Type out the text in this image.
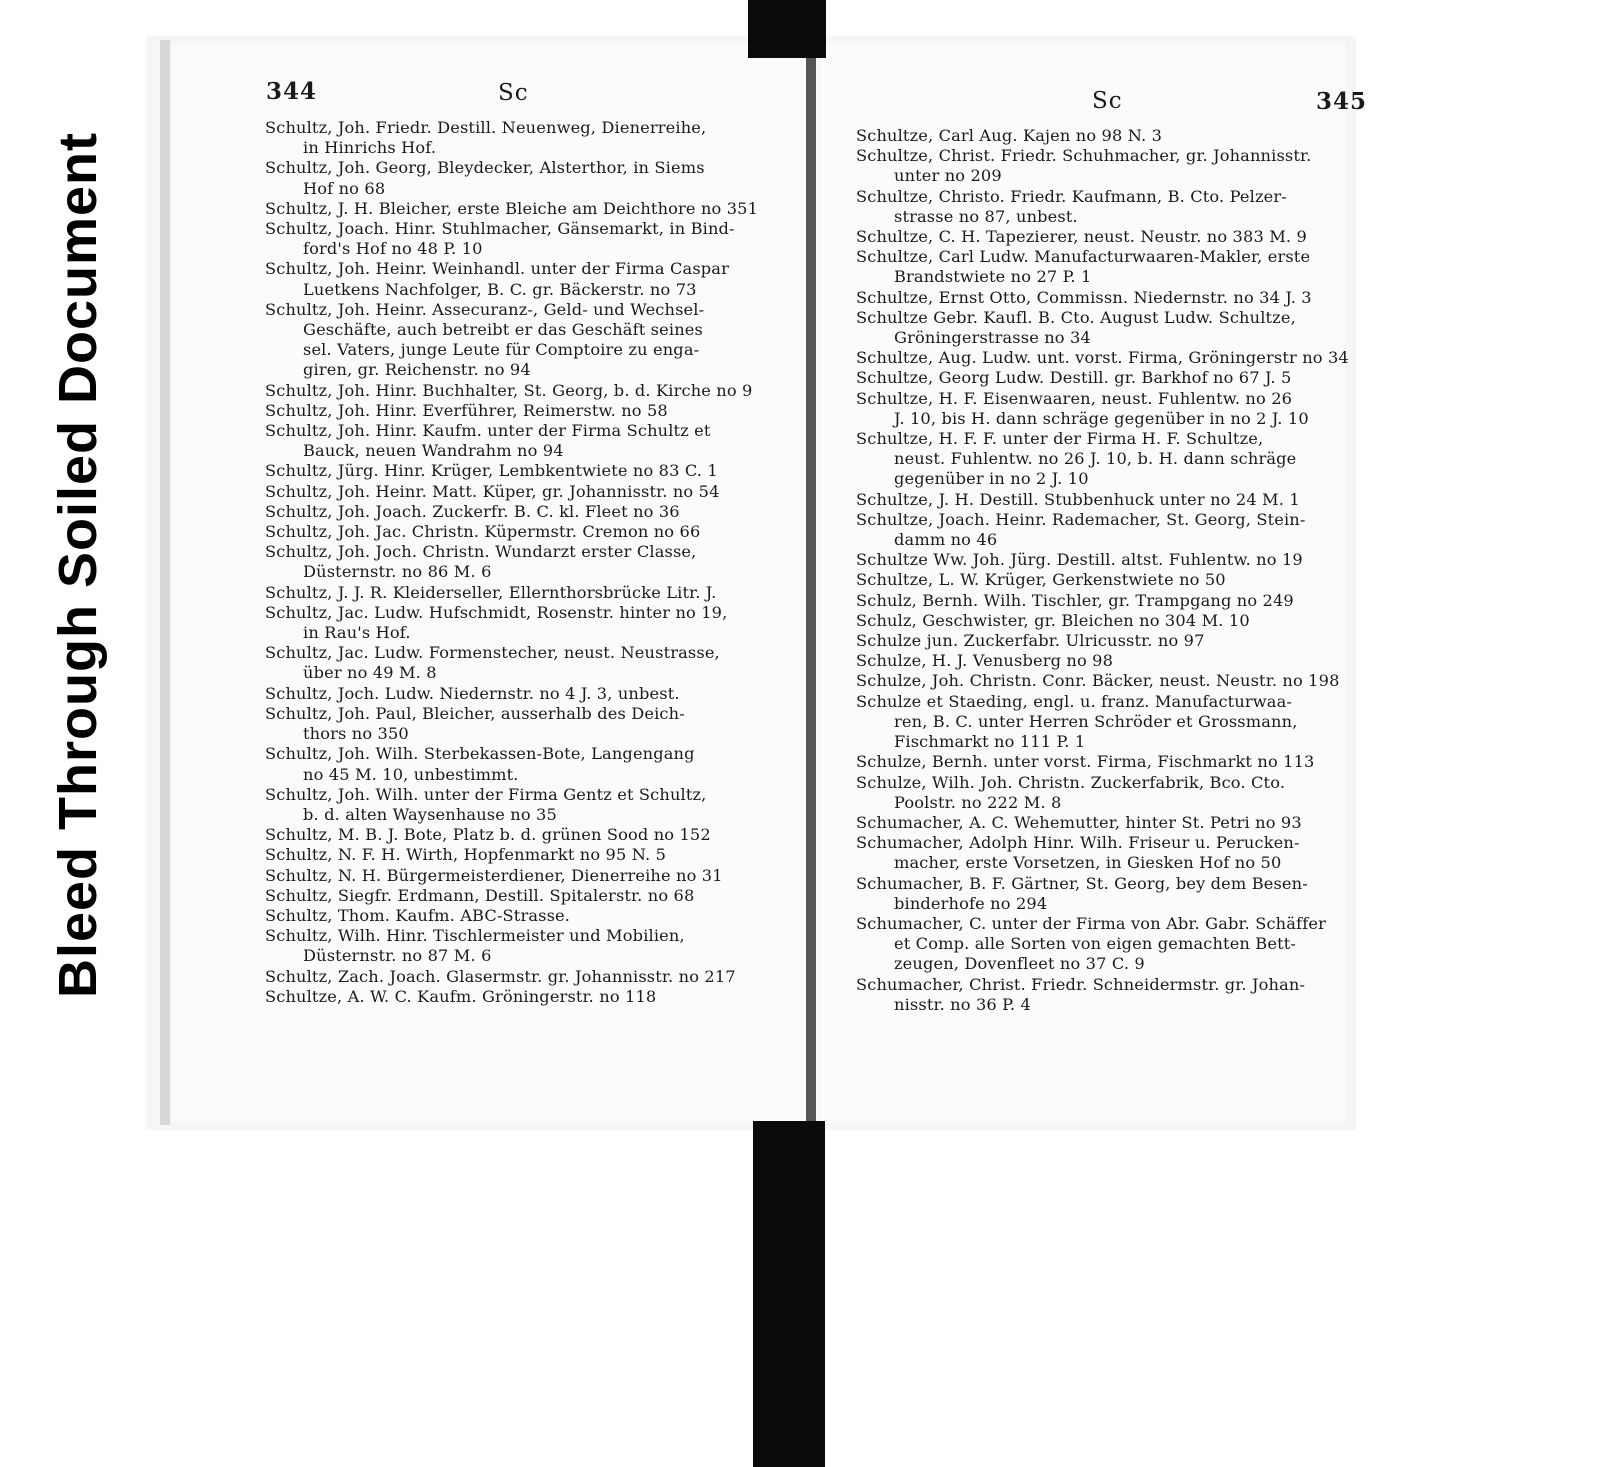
Bleed Through Soiled Document
344	Sc	Sc	345

Schultz, Joh. Friedr. Destill. Neuenweg, Dienerreihe,

in Hinrichs Hof.

Schultz, Joh. Georg, Bleydecker, Alsterthor, in Siems

Hof no 68

Schultz, J. H. Bleicher, erste Bleiche am Deichthore no 351

Schultz, Joach. Hinr. Stuhlmacher, Gänsemarkt, in Bind-

ford's Hof no 48 P. 10

Schultz, Joh. Heinr. Weinhandl. unter der Firma Caspar

Luetkens Nachfolger, B. C. gr. Bäckerstr. no 73

Schultz, Joh. Heinr. Assecuranz-, Geld- und Wechsel-

Geschäfte, auch betreibt er das Geschäft seines

sel. Vaters, junge Leute für Comptoire zu enga-

giren, gr. Reichenstr. no 94

Schultz, Joh. Hinr. Buchhalter, St. Georg, b. d. Kirche no 9

Schultz, Joh. Hinr. Everführer, Reimerstw. no 58

Schultz, Joh. Hinr. Kaufm. unter der Firma Schultz et

Bauck, neuen Wandrahm no 94

Schultz, Jürg. Hinr. Krüger, Lembkentwiete no 83 C. 1

Schultz, Joh. Heinr. Matt. Küper, gr. Johannisstr. no 54

Schultz, Joh. Joach. Zuckerfr. B. C. kl. Fleet no 36

Schultz, Joh. Jac. Christn. Küpermstr. Cremon no 66

Schultz, Joh. Joch. Christn. Wundarzt erster Classe,

Düsternstr. no 86 M. 6

Schultz, J. J. R. Kleiderseller, Ellernthorsbrücke Litr. J.

Schultz, Jac. Ludw. Hufschmidt, Rosenstr. hinter no 19,

in Rau's Hof.

Schultz, Jac. Ludw. Formenstecher, neust. Neustrasse,

über no 49 M. 8

Schultz, Joch. Ludw. Niedernstr. no 4 J. 3, unbest.

Schultz, Joh. Paul, Bleicher, ausserhalb des Deich-

thors no 350

Schultz, Joh. Wilh. Sterbekassen-Bote, Langengang

no 45 M. 10, unbestimmt.

Schultz, Joh. Wilh. unter der Firma Gentz et Schultz,

b. d. alten Waysenhause no 35

Schultz, M. B. J. Bote, Platz b. d. grünen Sood no 152

Schultz, N. F. H. Wirth, Hopfenmarkt no 95 N. 5

Schultz, N. H. Bürgermeisterdiener, Dienerreihe no 31

Schultz, Siegfr. Erdmann, Destill. Spitalerstr. no 68

Schultz, Thom. Kaufm. ABC-Strasse.

Schultz, Wilh. Hinr. Tischlermeister und Mobilien,

Düsternstr. no 87 M. 6

Schultz, Zach. Joach. Glasermstr. gr. Johannisstr. no 217

Schultze, A. W. C. Kaufm. Gröningerstr. no 118

Schultze, Carl Aug. Kajen no 98 N. 3

Schultze, Christ. Friedr. Schuhmacher, gr. Johannisstr.

unter no 209

Schultze, Christo. Friedr. Kaufmann, B. Cto. Pelzer-

strasse no 87, unbest.

Schultze, C. H. Tapezierer, neust. Neustr. no 383 M. 9

Schultze, Carl Ludw. Manufacturwaaren-Makler, erste

Brandstwiete no 27 P. 1

Schultze, Ernst Otto, Commissn. Niedernstr. no 34 J. 3

Schultze Gebr. Kaufl. B. Cto. August Ludw. Schultze,

Gröningerstrasse no 34

Schultze, Aug. Ludw. unt. vorst. Firma, Gröningerstr no 34

Schultze, Georg Ludw. Destill. gr. Barkhof no 67 J. 5

Schultze, H. F. Eisenwaaren, neust. Fuhlentw. no 26

J. 10, bis H. dann schräge gegenüber in no 2 J. 10

Schultze, H. F. F. unter der Firma H. F. Schultze,

neust. Fuhlentw. no 26 J. 10, b. H. dann schräge

gegenüber in no 2 J. 10

Schultze, J. H. Destill. Stubbenhuck unter no 24 M. 1

Schultze, Joach. Heinr. Rademacher, St. Georg, Stein-

damm no 46

Schultze Ww. Joh. Jürg. Destill. altst. Fuhlentw. no 19

Schultze, L. W. Krüger, Gerkenstwiete no 50

Schulz, Bernh. Wilh. Tischler, gr. Trampgang no 249

Schulz, Geschwister, gr. Bleichen no 304 M. 10

Schulze jun. Zuckerfabr. Ulricusstr. no 97

Schulze, H. J. Venusberg no 98

Schulze, Joh. Christn. Conr. Bäcker, neust. Neustr. no 198

Schulze et Staeding, engl. u. franz. Manufacturwaa-

ren, B. C. unter Herren Schröder et Grossmann,

Fischmarkt no 111 P. 1

Schulze, Bernh. unter vorst. Firma, Fischmarkt no 113

Schulze, Wilh. Joh. Christn. Zuckerfabrik, Bco. Cto.

Poolstr. no 222 M. 8

Schumacher, A. C. Wehemutter, hinter St. Petri no 93

Schumacher, Adolph Hinr. Wilh. Friseur u. Perucken-

macher, erste Vorsetzen, in Giesken Hof no 50

Schumacher, B. F. Gärtner, St. Georg, bey dem Besen-

binderhofe no 294

Schumacher, C. unter der Firma von Abr. Gabr. Schäffer

et Comp. alle Sorten von eigen gemachten Bett-

zeugen, Dovenfleet no 37 C. 9

Schumacher, Christ. Friedr. Schneidermstr. gr. Johan-

nisstr. no 36 P. 4
